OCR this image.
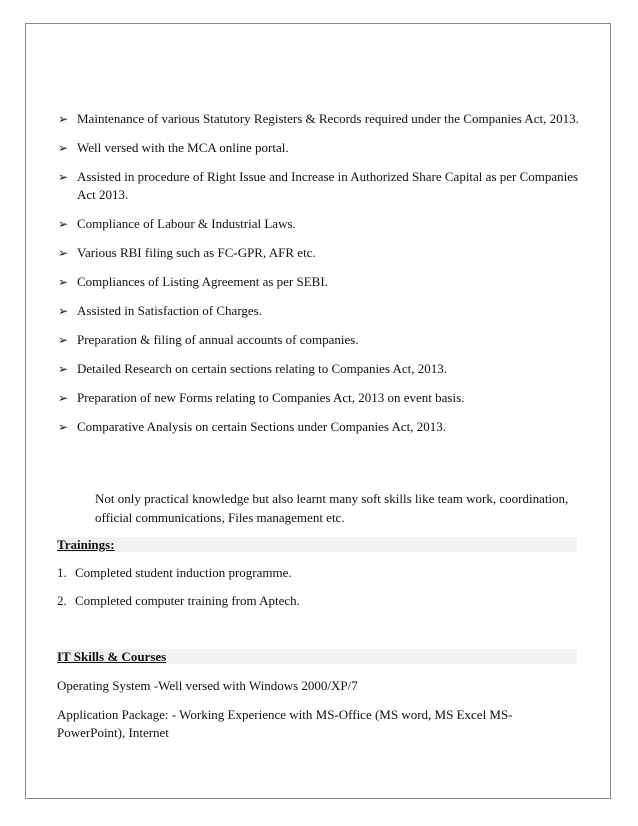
➢ Maintenance of various Statutory Registers & Records required under the Companies Act, 2013.
➢ Well versed with the MCA online portal.
➢ Assisted in procedure of Right Issue and Increase in Authorized Share Capital as per Companies Act 2013.
➢ Compliance of Labour & Industrial Laws.
➢ Various RBI filing such as FC-GPR, AFR etc.
➢ Compliances of Listing Agreement as per SEBI.
➢ Assisted in Satisfaction of Charges.
➢ Preparation & filing of annual accounts of companies.
➢ Detailed Research on certain sections relating to Companies Act, 2013.
➢ Preparation of new Forms relating to Companies Act, 2013 on event basis.
➢ Comparative Analysis on certain Sections under Companies Act, 2013.
Not only practical knowledge but also learnt many soft skills like team work, coordination, official communications, Files management etc.
Trainings:
1. Completed student induction programme.
2. Completed computer training from Aptech.
IT Skills & Courses
Operating System -Well versed with Windows 2000/XP/7
Application Package: - Working Experience with MS-Office (MS word, MS Excel MS-PowerPoint), Internet
